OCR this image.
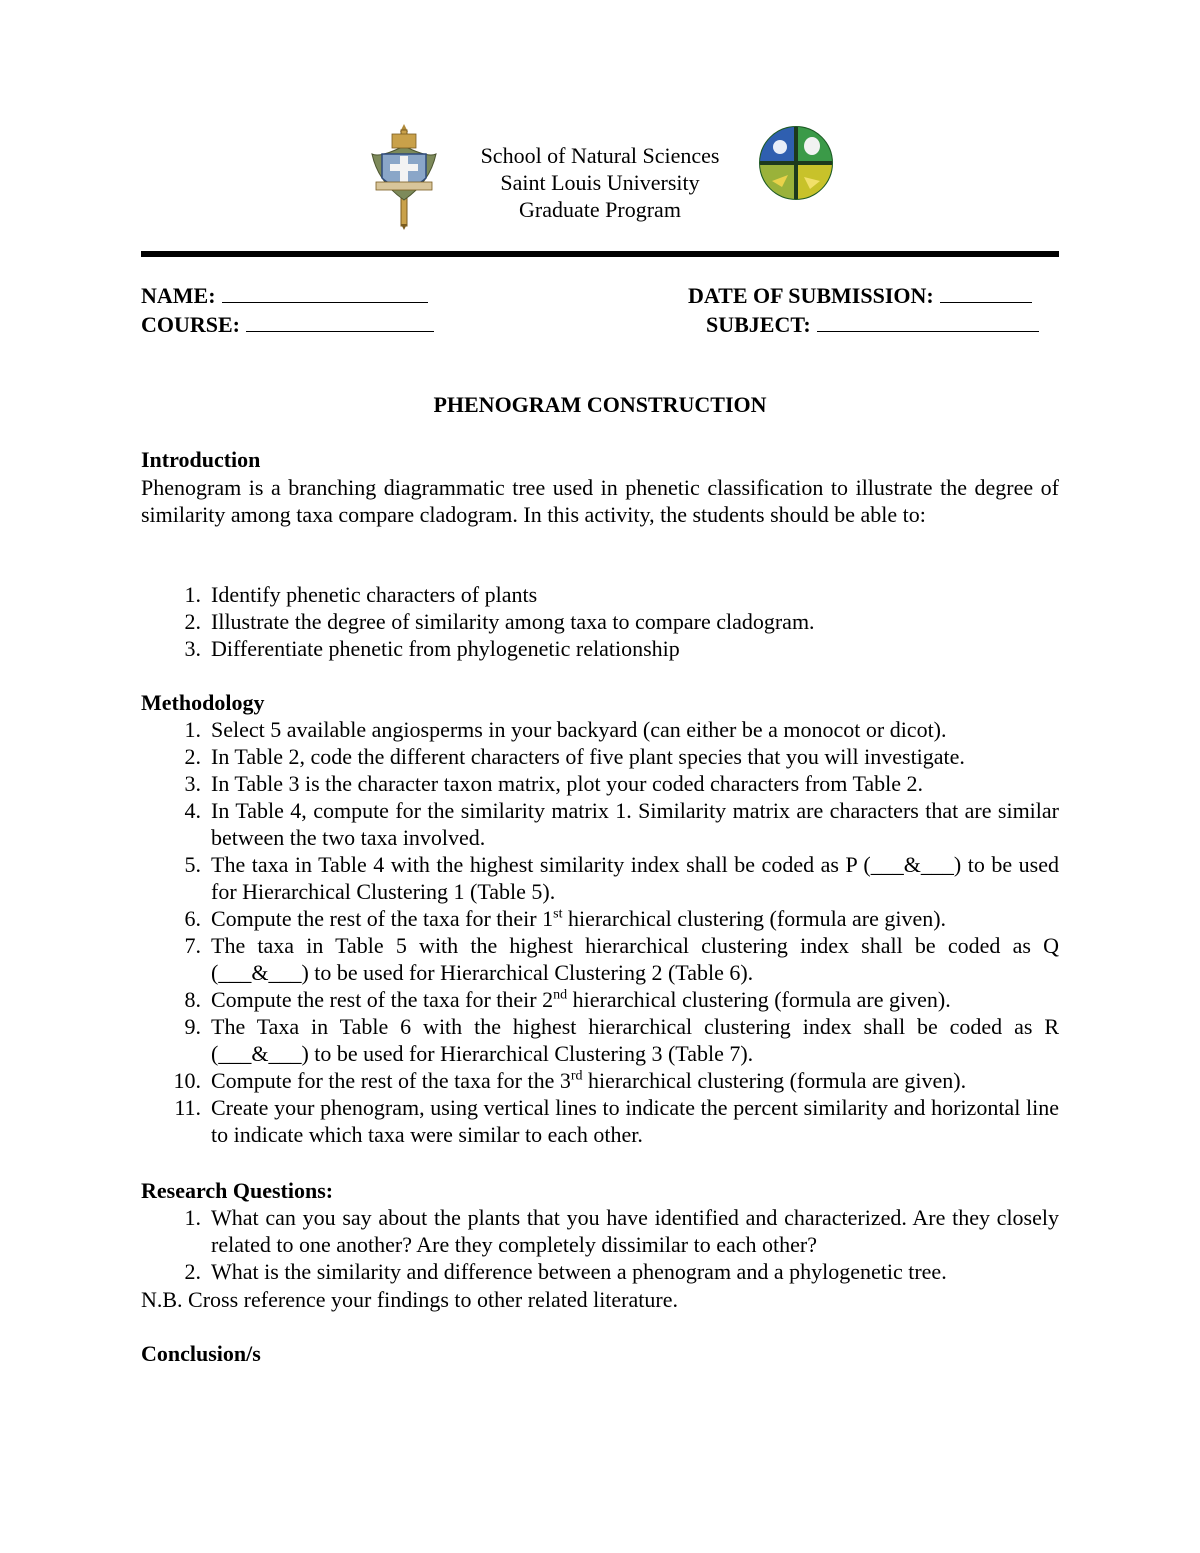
School of Natural Sciences
Saint Louis University
Graduate Program
NAME:	DATE OF SUBMISSION:
COURSE:	SUBJECT:
PHENOGRAM CONSTRUCTION
Introduction

Phenogram is a branching diagrammatic tree used in phenetic classification to illustrate the degree of similarity among taxa compare cladogram. In this activity, the students should be able to:

1. Identify phenetic characters of plants
2. Illustrate the degree of similarity among taxa to compare cladogram.
3. Differentiate phenetic from phylogenetic relationship
Methodology
1. Select 5 available angiosperms in your backyard (can either be a monocot or dicot).
2. In Table 2, code the different characters of five plant species that you will investigate.
3. In Table 3 is the character taxon matrix, plot your coded characters from Table 2.
4. In Table 4, compute for the similarity matrix 1. Similarity matrix are characters that are similar between the two taxa involved.
5. The taxa in Table 4 with the highest similarity index shall be coded as P (___&___) to be used for Hierarchical Clustering 1 (Table 5).
6. Compute the rest of the taxa for their 1st hierarchical clustering (formula are given).
7. The taxa in Table 5 with the highest hierarchical clustering index shall be coded as Q (___&___) to be used for Hierarchical Clustering 2 (Table 6).
8. Compute the rest of the taxa for their 2nd hierarchical clustering (formula are given).
9. The Taxa in Table 6 with the highest hierarchical clustering index shall be coded as R (___&___) to be used for Hierarchical Clustering 3 (Table 7).
10. Compute for the rest of the taxa for the 3rd hierarchical clustering (formula are given).
11. Create your phenogram, using vertical lines to indicate the percent similarity and horizontal line to indicate which taxa were similar to each other.
Research Questions:
1. What can you say about the plants that you have identified and characterized. Are they closely related to one another? Are they completely dissimilar to each other?
2. What is the similarity and difference between a phenogram and a phylogenetic tree.
N.B. Cross reference your findings to other related literature.
Conclusion/s
